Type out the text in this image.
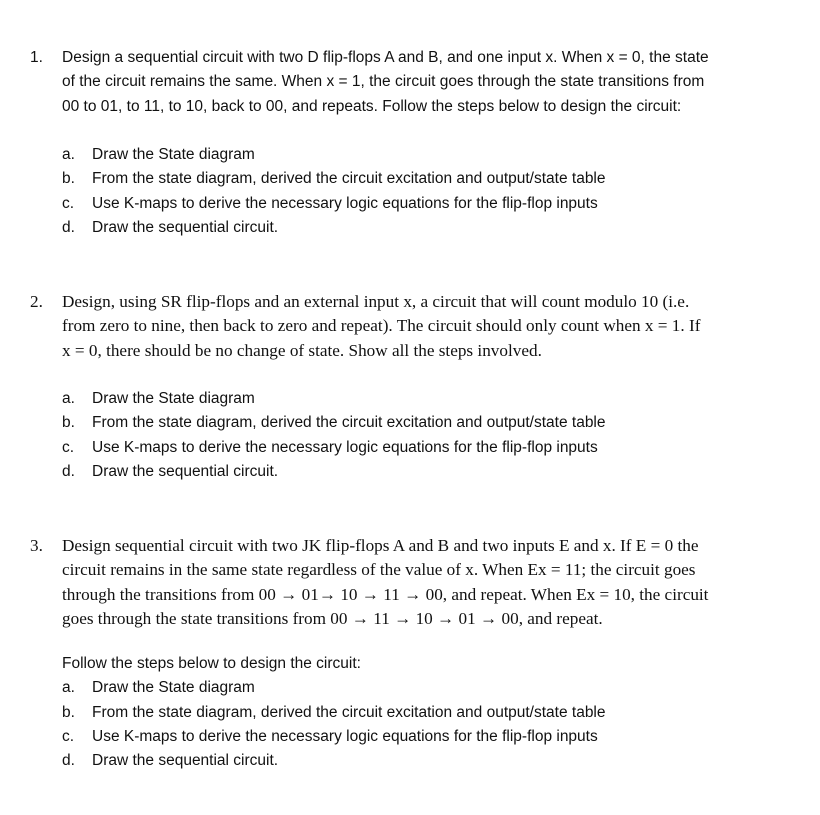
1. Design a sequential circuit with two D flip-flops A and B, and one input x. When x = 0, the state
of the circuit remains the same. When x = 1, the circuit goes through the state transitions from
00 to 01, to 11, to 10, back to 00, and repeats. Follow the steps below to design the circuit:
a. Draw the State diagram
b. From the state diagram, derived the circuit excitation and output/state table
c. Use K-maps to derive the necessary logic equations for the flip-flop inputs
d. Draw the sequential circuit.
2. Design, using SR flip-flops and an external input x, a circuit that will count modulo 10 (i.e.
from zero to nine, then back to zero and repeat). The circuit should only count when x = 1. If
x = 0, there should be no change of state. Show all the steps involved.
a. Draw the State diagram
b. From the state diagram, derived the circuit excitation and output/state table
c. Use K-maps to derive the necessary logic equations for the flip-flop inputs
d. Draw the sequential circuit.
3. Design sequential circuit with two JK flip-flops A and B and two inputs E and x. If E = 0 the
circuit remains in the same state regardless of the value of x. When Ex = 11; the circuit goes
through the transitions from 00 → 01→ 10 → 11 → 00, and repeat. When Ex = 10, the circuit
goes through the state transitions from 00 → 11 → 10 → 01 → 00, and repeat.
Follow the steps below to design the circuit:
a. Draw the State diagram
b. From the state diagram, derived the circuit excitation and output/state table
c. Use K-maps to derive the necessary logic equations for the flip-flop inputs
d. Draw the sequential circuit.
